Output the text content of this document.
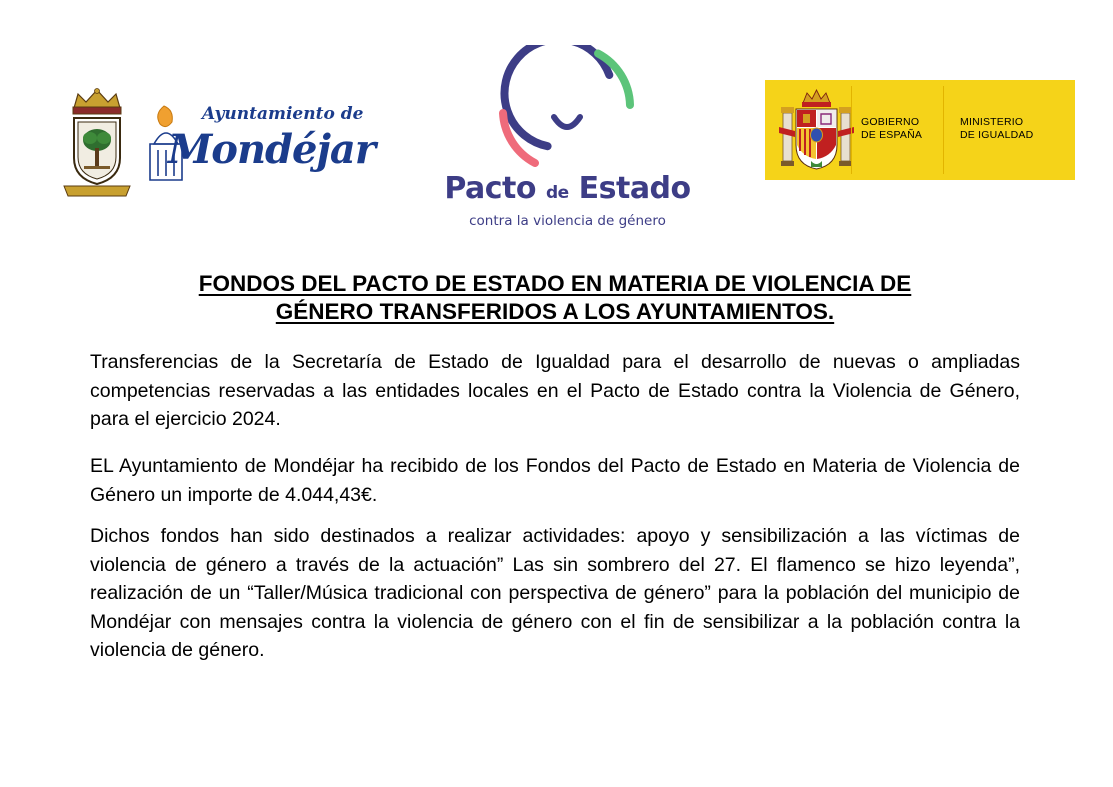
Ayuntamiento de
Mondéjar
Pacto de Estado
contra la violencia de género
GOBIERNO
DE ESPAÑA
MINISTERIO
DE IGUALDAD
FONDOS DEL PACTO DE ESTADO EN MATERIA DE VIOLENCIA DE
GÉNERO TRANSFERIDOS A LOS AYUNTAMIENTOS.

Transferencias de la Secretaría de Estado de Igualdad para el desarrollo de nuevas o ampliadas competencias reservadas a las entidades locales en el Pacto de Estado contra la Violencia de Género, para el ejercicio 2024.

EL Ayuntamiento de Mondéjar ha recibido de los Fondos del Pacto de Estado en Materia de Violencia de Género un importe de 4.044,43€.

Dichos fondos han sido destinados a realizar actividades: apoyo y sensibilización a las víctimas de violencia de género a través de la actuación” Las sin sombrero del 27. El flamenco se hizo leyenda”, realización de un “Taller/Música tradicional con perspectiva de género” para la población del municipio de Mondéjar con mensajes contra la violencia de género con el fin de sensibilizar a la población contra la violencia de género.
